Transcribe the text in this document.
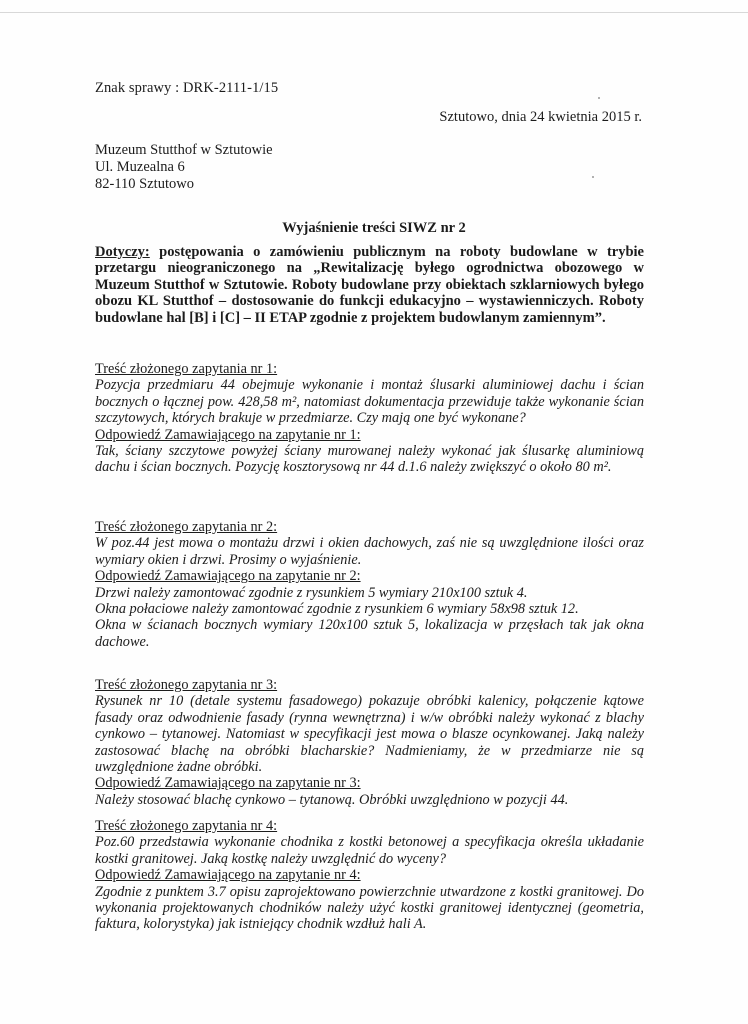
Znak sprawy : DRK-2111-1/15
Sztutowo, dnia 24 kwietnia 2015 r.
Muzeum Stutthof w Sztutowie
Ul. Muzealna 6
82-110 Sztutowo
Wyjaśnienie treści SIWZ nr 2
Dotyczy: postępowania o zamówieniu publicznym na roboty budowlane w trybie przetargu nieograniczonego na „Rewitalizację byłego ogrodnictwa obozowego w Muzeum Stutthof w Sztutowie. Roboty budowlane przy obiektach szklarniowych byłego obozu KL Stutthof – dostosowanie do funkcji edukacyjno – wystawienniczych. Roboty budowlane hal [B] i [C] – II ETAP zgodnie z projektem budowlanym zamiennym”.

Treść złożonego zapytania nr 1:

Pozycja przedmiaru 44 obejmuje wykonanie i montaż ślusarki aluminiowej dachu i ścian bocznych o łącznej pow. 428,58 m², natomiast dokumentacja przewiduje także wykonanie ścian szczytowych, których brakuje w przedmiarze. Czy mają one być wykonane?

Odpowiedź Zamawiającego na zapytanie nr 1:

Tak, ściany szczytowe powyżej ściany murowanej należy wykonać jak ślusarkę aluminiową dachu i ścian bocznych. Pozycję kosztorysową nr 44 d.1.6 należy zwiększyć o około 80 m².

Treść złożonego zapytania nr 2:

W poz.44 jest mowa o montażu drzwi i okien dachowych, zaś nie są uwzględnione ilości oraz wymiary okien i drzwi. Prosimy o wyjaśnienie.

Odpowiedź Zamawiającego na zapytanie nr 2:

Drzwi należy zamontować zgodnie z rysunkiem 5 wymiary 210x100 sztuk 4.

Okna połaciowe należy zamontować zgodnie z rysunkiem 6 wymiary 58x98 sztuk 12.

Okna w ścianach bocznych wymiary 120x100 sztuk 5, lokalizacja w przęsłach tak jak okna dachowe.

Treść złożonego zapytania nr 3:

Rysunek nr 10 (detale systemu fasadowego) pokazuje obróbki kalenicy, połączenie kątowe fasady oraz odwodnienie fasady (rynna wewnętrzna) i w/w obróbki należy wykonać z blachy cynkowo – tytanowej. Natomiast w specyfikacji jest mowa o blasze ocynkowanej. Jaką należy zastosować blachę na obróbki blacharskie? Nadmieniamy, że w przedmiarze nie są uwzględnione żadne obróbki.

Odpowiedź Zamawiającego na zapytanie nr 3:

Należy stosować blachę cynkowo – tytanową. Obróbki uwzględniono w pozycji 44.

Treść złożonego zapytania nr 4:

Poz.60 przedstawia wykonanie chodnika z kostki betonowej a specyfikacja określa układanie kostki granitowej. Jaką kostkę należy uwzględnić do wyceny?

Odpowiedź Zamawiającego na zapytanie nr 4:

Zgodnie z punktem 3.7 opisu zaprojektowano powierzchnie utwardzone z kostki granitowej. Do wykonania projektowanych chodników należy użyć kostki granitowej identycznej (geometria, faktura, kolorystyka) jak istniejący chodnik wzdłuż hali A.
